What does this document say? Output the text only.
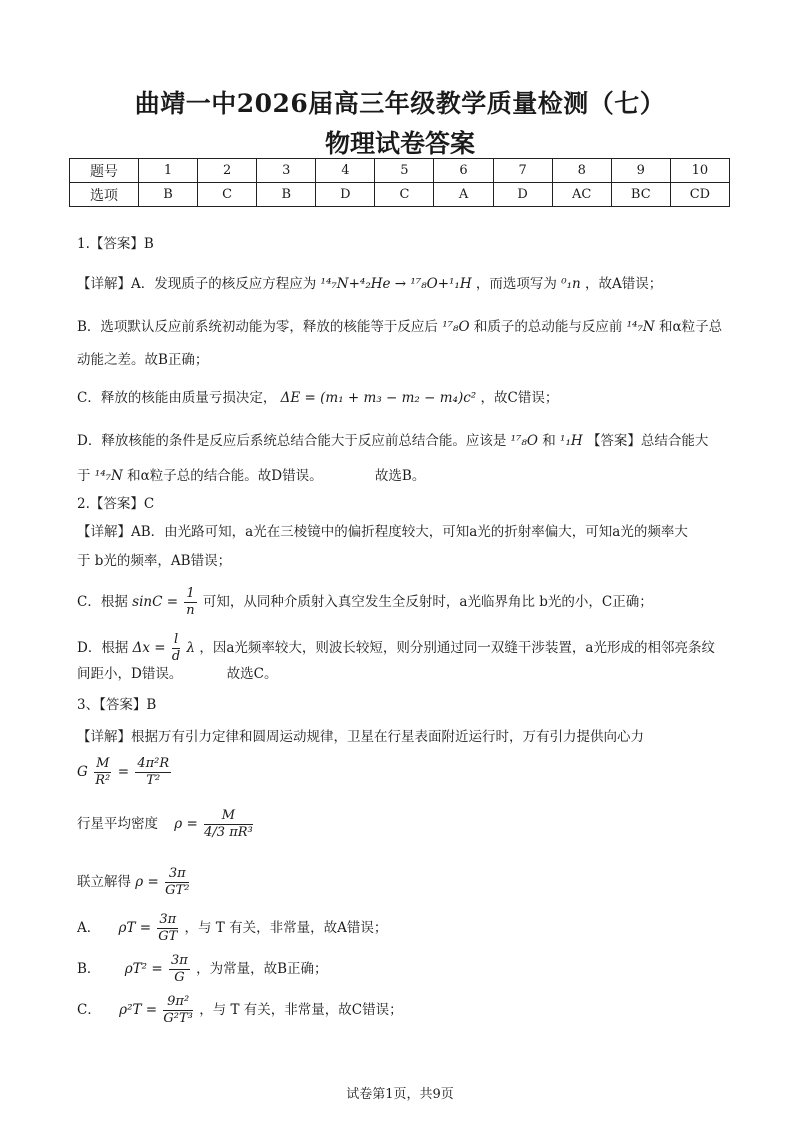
曲靖一中2026届高三年级教学质量检测（七）
物理试卷答案
题号	1	2	3	4	5	6	7	8	9	10
选项	B	C	B	D	C	A	D	AC	BC	CD
1.【答案】B
【详解】A．发现质子的核反应方程应为 ¹⁴₇N+⁴₂He → ¹⁷₈O+¹₁H ，而选项写为 ⁰₁n ，故A错误；
B．选项默认反应前系统初动能为零，释放的核能等于反应后 ¹⁷₈O 和质子的总动能与反应前 ¹⁴₇N 和α粒子总
动能之差。故B正确；
C．释放的核能由质量亏损决定， ΔE = (m₁ + m₃ − m₂ − m₄)c² ，故C错误；
D．释放核能的条件是反应后系统总结合能大于反应前总结合能。应该是 ¹⁷₈O 和 ¹₁H 【答案】总结合能大
于 ¹⁴₇N 和α粒子总的结合能。故D错误。	故选B。
2.【答案】C
【详解】AB．由光路可知，a光在三棱镜中的偏折程度较大，可知a光的折射率偏大，可知a光的频率大
于 b光的频率，AB错误；
C．根据 $\sin C = \frac{1}{n}$ 可知，从同种介质射入真空发生全反射时，a光临界角比 b光的小，C正确；
D．根据 $\Delta x = \frac{l}{d}$ λ ，因a光频率较大，则波长较短，则分别通过同一双缝干涉装置，a光形成的相邻亮条纹
间距小，D错误。	故选C。
3、【答案】B
【详解】根据万有引力定律和圆周运动规律，卫星在行星表面附近运行时，万有引力提供向心力
G $\frac{M}{\text{R²}} = \frac{\text{4π²R}}{\text{T²}}$
行星平均密度 $\rho = \frac{M}{\text{4/3 πR³}}$
联立解得 $\rho = \frac{3\pi}{\text{GT²}}$
A． $\rho T = \frac{3\pi}{GT}$ ，与 T 有关，非常量，故A错误；
B． $\rho T^2 = \frac{3\pi}{G}$ ，为常量，故B正确；
C． $\rho^2T = \frac{\text{9π²}}{\text{G²T³}}$ ，与 T 有关，非常量，故C错误；
试卷第1页，共9页
